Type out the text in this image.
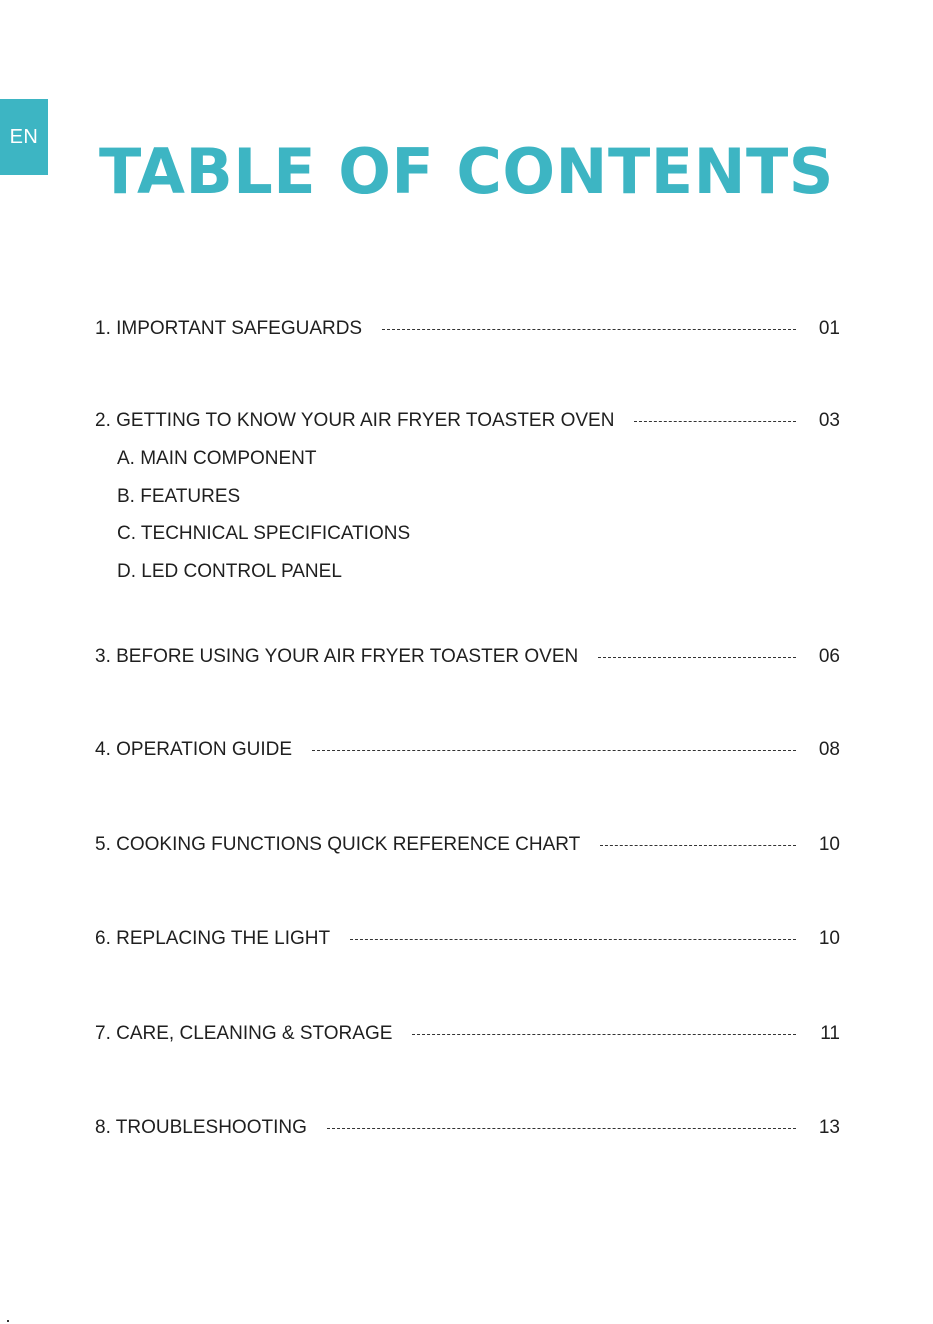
EN TABLE OF CONTENTS
1. IMPORTANT SAFEGUARDS	01
2. GETTING TO KNOW YOUR AIR FRYER TOASTER OVEN	03
A. MAIN COMPONENT
B. FEATURES
C. TECHNICAL SPECIFICATIONS
D. LED CONTROL PANEL
3. BEFORE USING YOUR AIR FRYER TOASTER OVEN	06
4. OPERATION GUIDE	08
5. COOKING FUNCTIONS QUICK REFERENCE CHART	10
6. REPLACING THE LIGHT	10
7. CARE, CLEANING & STORAGE	11
8. TROUBLESHOOTING	13
